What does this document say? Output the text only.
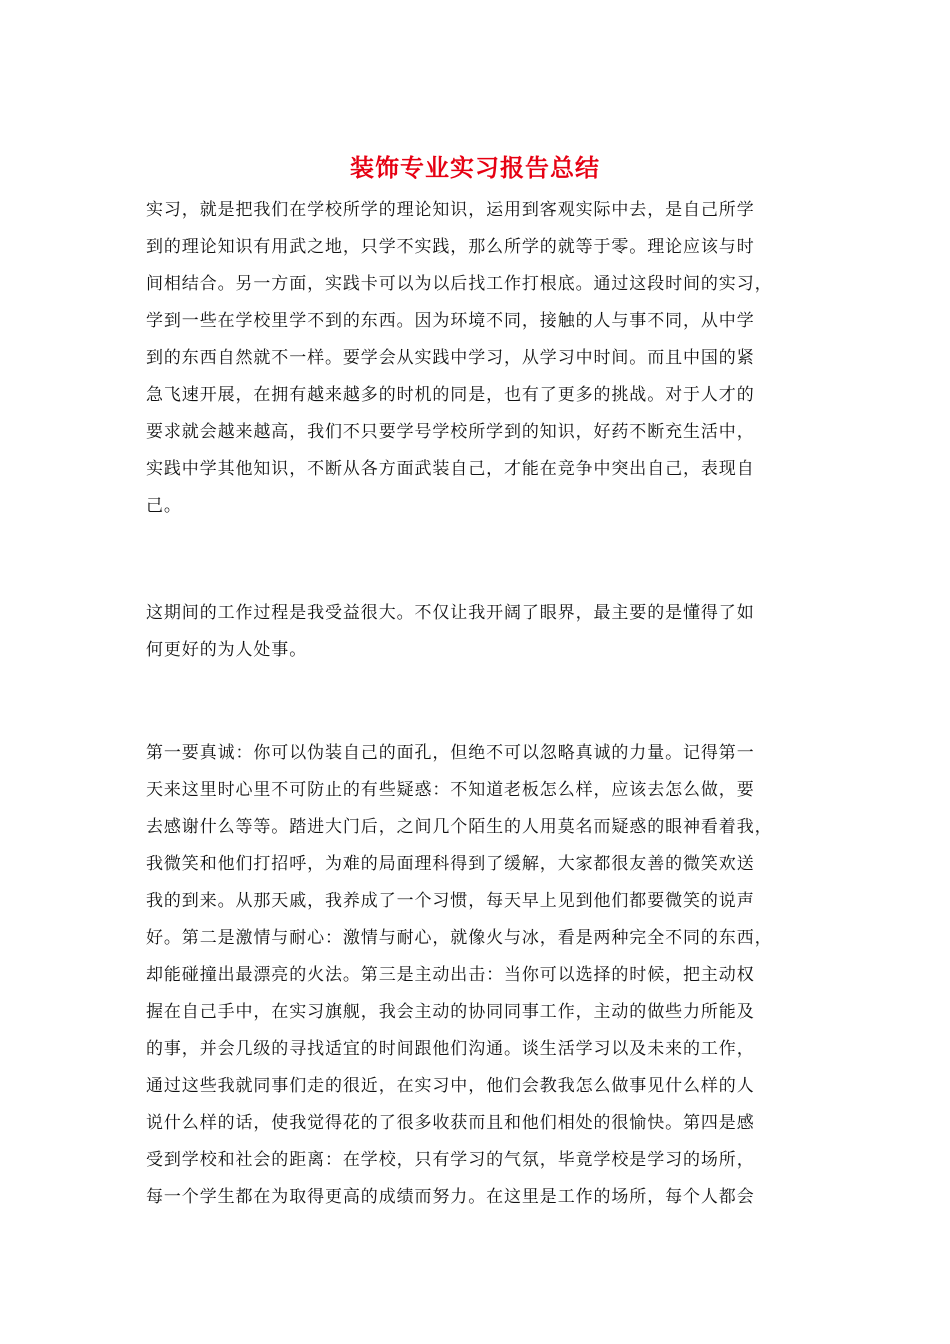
装饰专业实习报告总结
实习，就是把我们在学校所学的理论知识，运用到客观实际中去，是自己所学
到的理论知识有用武之地，只学不实践，那么所学的就等于零。理论应该与时
间相结合。另一方面，实践卡可以为以后找工作打根底。通过这段时间的实习，
学到一些在学校里学不到的东西。因为环境不同，接触的人与事不同，从中学
到的东西自然就不一样。要学会从实践中学习，从学习中时间。而且中国的紧
急飞速开展，在拥有越来越多的时机的同是，也有了更多的挑战。对于人才的
要求就会越来越高，我们不只要学号学校所学到的知识，好药不断充生活中，
实践中学其他知识，不断从各方面武装自己，才能在竞争中突出自己，表现自
己。
这期间的工作过程是我受益很大。不仅让我开阔了眼界，最主要的是懂得了如
何更好的为人处事。
第一要真诚：你可以伪装自己的面孔，但绝不可以忽略真诚的力量。记得第一
天来这里时心里不可防止的有些疑惑：不知道老板怎么样，应该去怎么做，要
去感谢什么等等。踏进大门后，之间几个陌生的人用莫名而疑惑的眼神看着我，
我微笑和他们打招呼，为难的局面理科得到了缓解，大家都很友善的微笑欢送
我的到来。从那天戚，我养成了一个习惯，每天早上见到他们都要微笑的说声
好。第二是激情与耐心：激情与耐心，就像火与冰，看是两种完全不同的东西，
却能碰撞出最漂亮的火法。第三是主动出击：当你可以选择的时候，把主动权
握在自己手中，在实习旗舰，我会主动的协同同事工作，主动的做些力所能及
的事，并会几级的寻找适宜的时间跟他们沟通。谈生活学习以及未来的工作，
通过这些我就同事们走的很近，在实习中，他们会教我怎么做事见什么样的人
说什么样的话，使我觉得花的了很多收获而且和他们相处的很愉快。第四是感
受到学校和社会的距离：在学校，只有学习的气氛，毕竟学校是学习的场所，
每一个学生都在为取得更高的成绩而努力。在这里是工作的场所，每个人都会
